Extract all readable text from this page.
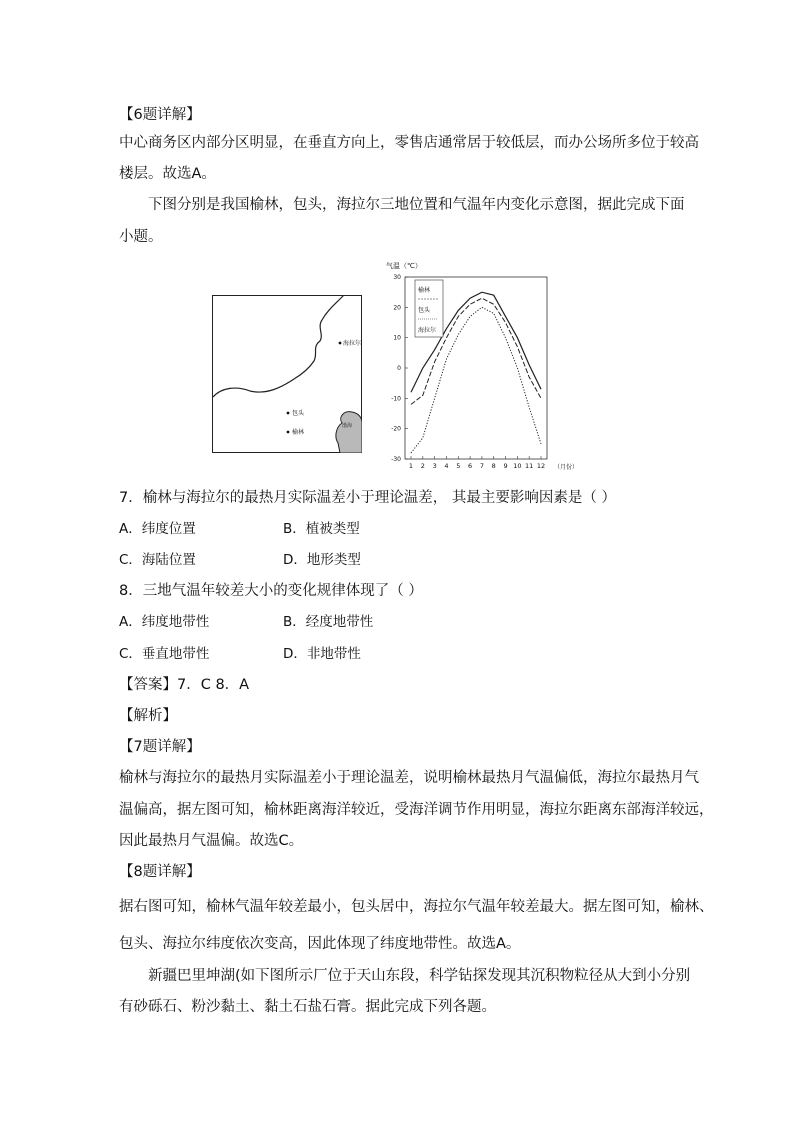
【6题详解】
中心商务区内部分区明显，在垂直方向上，零售店通常居于较低层，而办公场所多位于较高
楼层。故选A。
下图分别是我国榆林，包头，海拉尔三地位置和气温年内变化示意图，据此完成下面
小题。
海拉尔
包头
榆林
渤海
气温（℃）
30
20
10
0
-10
-20
-30
1 2 3 4 5 6 7 8 9 10 11 12 （月份）
榆林
包头
海拉尔
7．榆林与海拉尔的最热月实际温差小于理论温差， 其最主要影响因素是（ ）
A．纬度位置	B．植被类型
C．海陆位置	D．地形类型
8．三地气温年较差大小的变化规律体现了（ ）
A．纬度地带性	B．经度地带性
C．垂直地带性	D．非地带性
【答案】7．C 8．A
【解析】
【7题详解】
榆林与海拉尔的最热月实际温差小于理论温差，说明榆林最热月气温偏低，海拉尔最热月气
温偏高，据左图可知，榆林距离海洋较近，受海洋调节作用明显，海拉尔距离东部海洋较远，
因此最热月气温偏。故选C。
【8题详解】
据右图可知，榆林气温年较差最小，包头居中，海拉尔气温年较差最大。据左图可知，榆林、
包头、海拉尔纬度依次变高，因此体现了纬度地带性。故选A。
新疆巴里坤湖(如下图所示厂位于天山东段，科学钻探发现其沉积物粒径从大到小分别
有砂砾石、粉沙黏土、黏土石盐石膏。据此完成下列各题。
